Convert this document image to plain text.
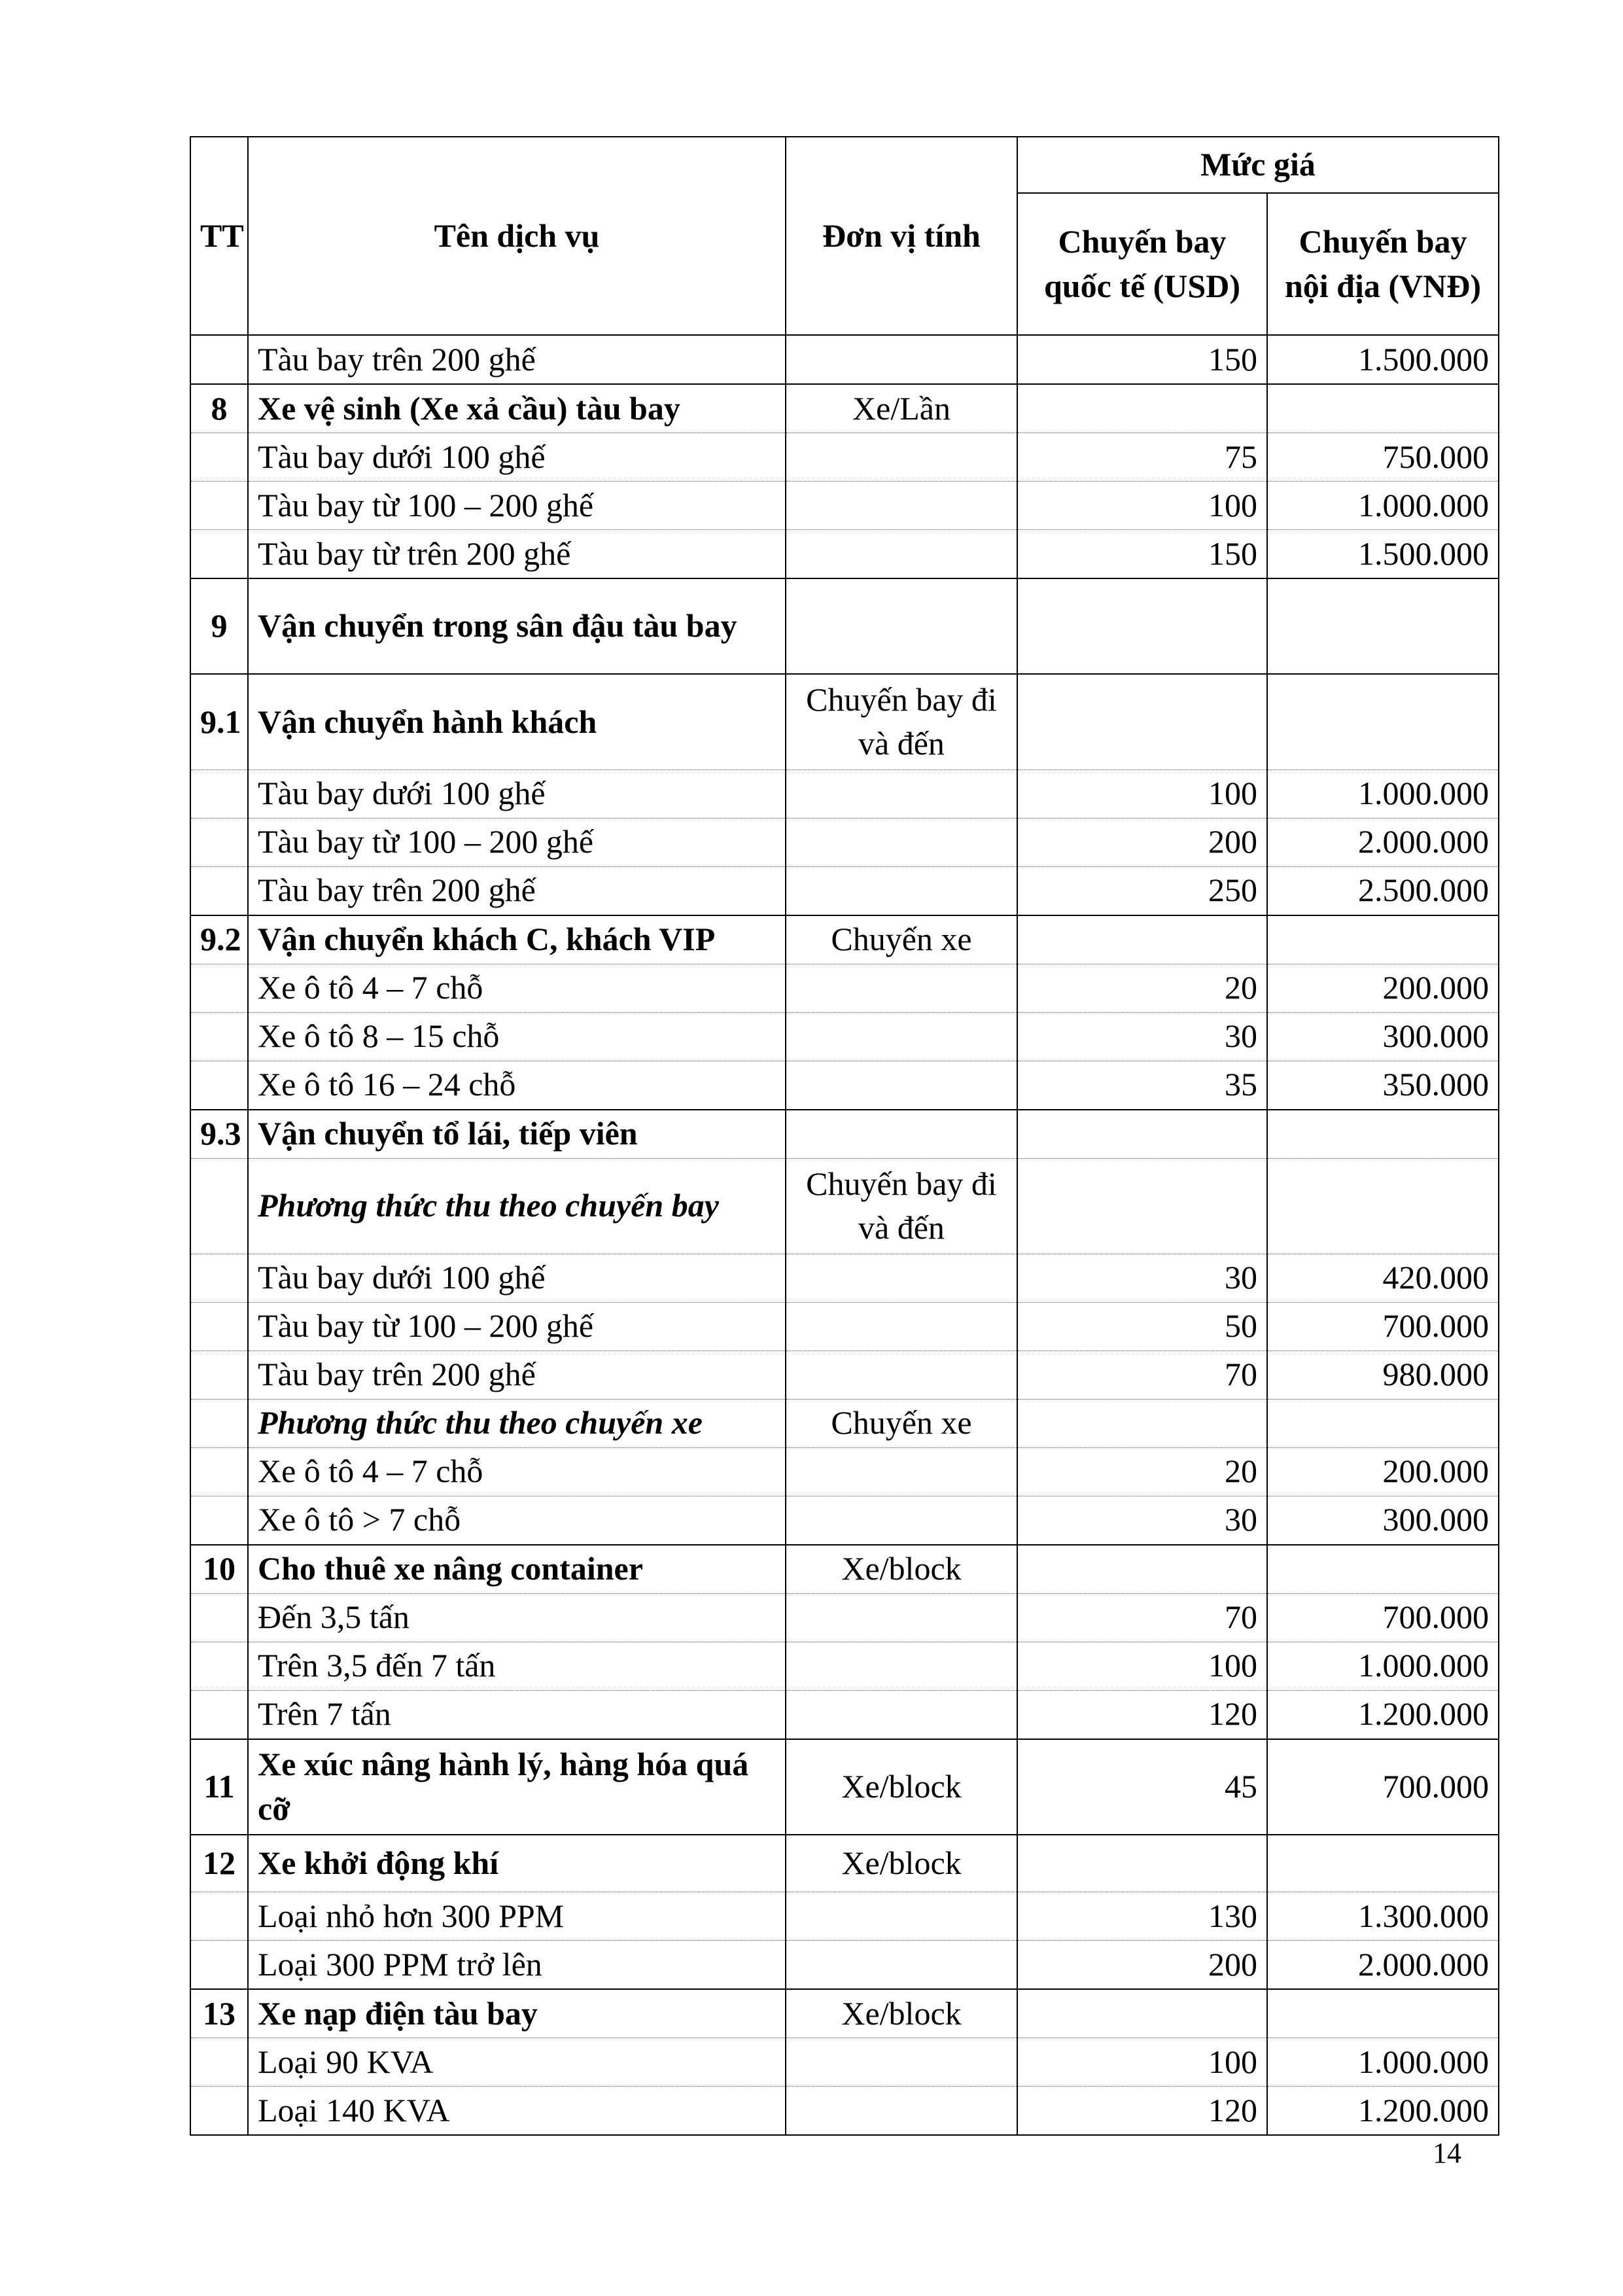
TT	Tên dịch vụ	Đơn vị tính	Mức giá	
			Chuyến bay quốc tế (USD)	Chuyến bay nội địa (VNĐ)
	Tàu bay trên 200 ghế		150	1.500.000
8	Xe vệ sinh (Xe xả cầu) tàu bay	Xe/Lần		
	Tàu bay dưới 100 ghế		75	750.000
	Tàu bay từ 100 – 200 ghế		100	1.000.000
	Tàu bay từ trên 200 ghế		150	1.500.000
9	Vận chuyển trong sân đậu tàu bay			
9.1	Vận chuyển hành khách	Chuyến bay đi và đến		
	Tàu bay dưới 100 ghế		100	1.000.000
	Tàu bay từ 100 – 200 ghế		200	2.000.000
	Tàu bay trên 200 ghế		250	2.500.000
9.2	Vận chuyển khách C, khách VIP	Chuyến xe		
	Xe ô tô 4 – 7 chỗ		20	200.000
	Xe ô tô 8 – 15 chỗ		30	300.000
	Xe ô tô 16 – 24 chỗ		35	350.000
9.3	Vận chuyển tổ lái, tiếp viên			
	Phương thức thu theo chuyến bay	Chuyến bay đi và đến		
	Tàu bay dưới 100 ghế		30	420.000
	Tàu bay từ 100 – 200 ghế		50	700.000
	Tàu bay trên 200 ghế		70	980.000
	Phương thức thu theo chuyến xe	Chuyến xe		
	Xe ô tô 4 – 7 chỗ		20	200.000
	Xe ô tô > 7 chỗ		30	300.000
10	Cho thuê xe nâng container	Xe/block		
	Đến 3,5 tấn		70	700.000
	Trên 3,5 đến 7 tấn		100	1.000.000
	Trên 7 tấn		120	1.200.000
11	Xe xúc nâng hành lý, hàng hóa quá cỡ	Xe/block	45	700.000
12	Xe khởi động khí	Xe/block		
	Loại nhỏ hơn 300 PPM		130	1.300.000
	Loại 300 PPM trở lên		200	2.000.000
13	Xe nạp điện tàu bay	Xe/block		
	Loại 90 KVA		100	1.000.000
	Loại 140 KVA		120	1.200.000
14
